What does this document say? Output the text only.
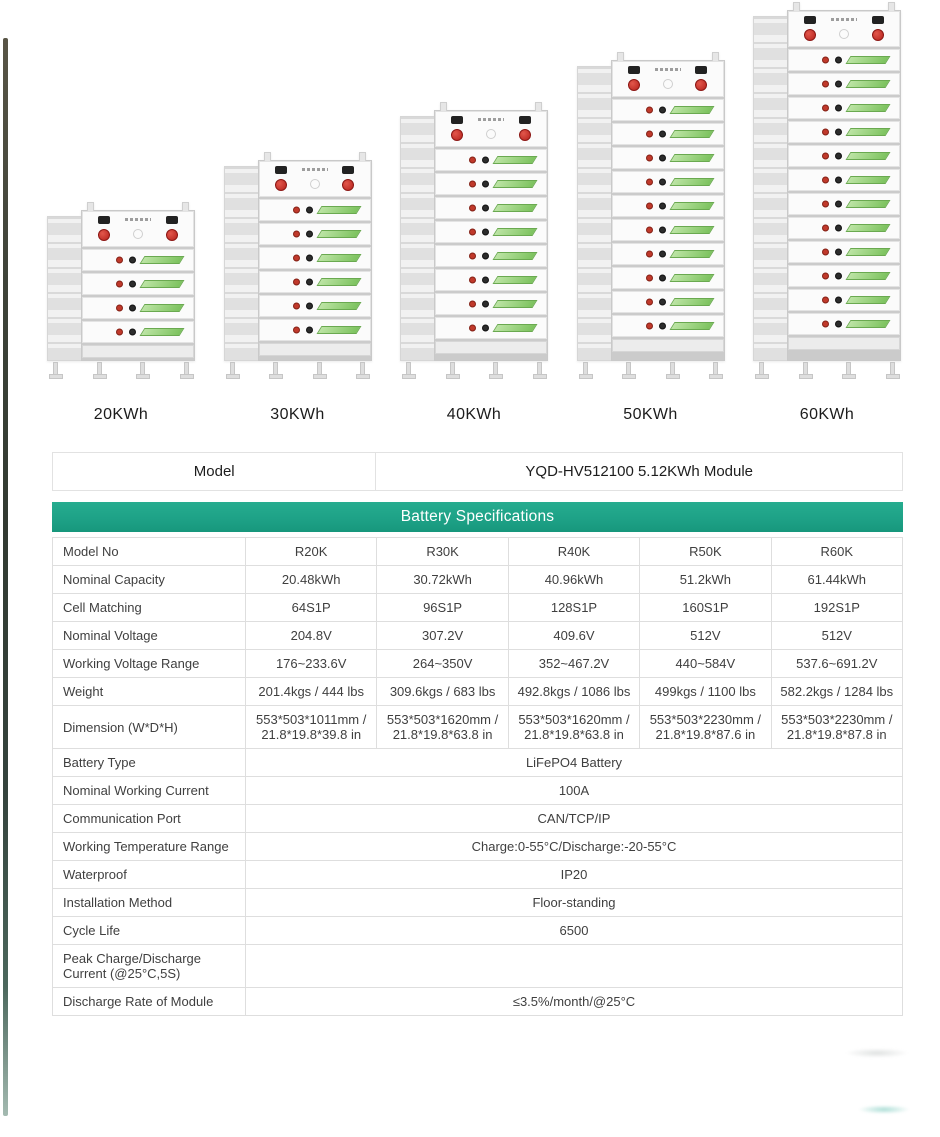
20KWh	30KWh	40KWh	50KWh	60KWh
Model	YQD-HV512100 5.12KWh Module
Battery Specifications
Model No	R20K	R30K	R40K	R50K	R60K
Nominal Capacity	20.48kWh	30.72kWh	40.96kWh	51.2kWh	61.44kWh
Cell Matching	64S1P	96S1P	128S1P	160S1P	192S1P
Nominal Voltage	204.8V	307.2V	409.6V	512V	512V
Working Voltage Range	176~233.6V	264~350V	352~467.2V	440~584V	537.6~691.2V
Weight	201.4kgs / 444 lbs	309.6kgs / 683 lbs	492.8kgs / 1086 lbs	499kgs / 1100 lbs	582.2kgs / 1284 lbs
Dimension (W*D*H)	553*503*1011mm / 21.8*19.8*39.8 in	553*503*1620mm / 21.8*19.8*63.8 in	553*503*1620mm / 21.8*19.8*63.8 in	553*503*2230mm / 21.8*19.8*87.6 in	553*503*2230mm / 21.8*19.8*87.8 in
Battery Type	LiFePO4 Battery				
Nominal Working Current	100A				
Communication Port	CAN/TCP/IP				
Working Temperature Range	Charge:0-55°C/Discharge:-20-55°C				
Waterproof	IP20				
Installation Method	Floor-standing				
Cycle Life	6500				
Peak Charge/Discharge Current (@25°C,5S)					
Discharge Rate of Module	≤3.5%/month/@25°C				
